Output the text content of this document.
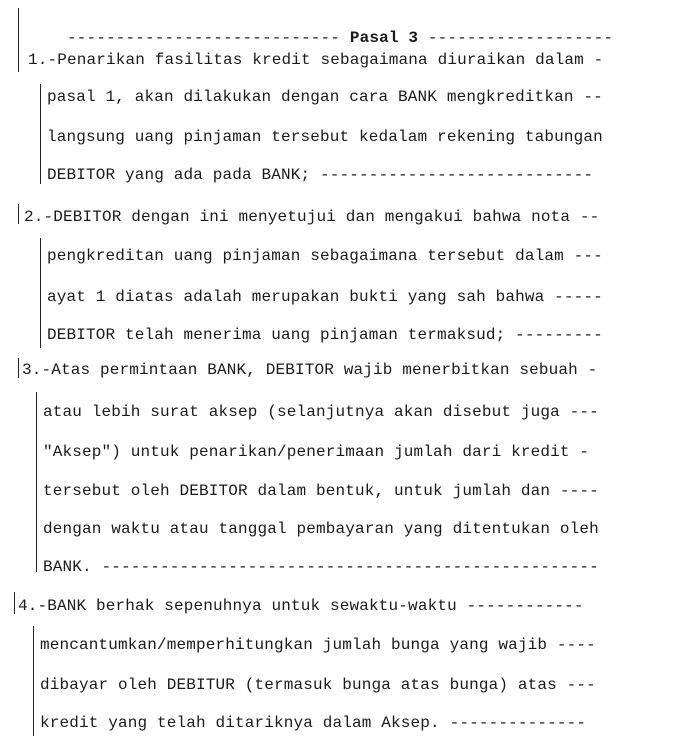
---------------------------- Pasal 3 -------------------

1.-Penarikan fasilitas kredit sebagaimana diuraikan dalam -
pasal 1, akan dilakukan dengan cara BANK mengkreditkan --
langsung uang pinjaman tersebut kedalam rekening tabungan
DEBITOR yang ada pada BANK; ----------------------------
2.-DEBITOR dengan ini menyetujui dan mengakui bahwa nota --
pengkreditan uang pinjaman sebagaimana tersebut dalam ---
ayat 1 diatas adalah merupakan bukti yang sah bahwa -----
DEBITOR telah menerima uang pinjaman termaksud; ---------
3.-Atas permintaan BANK, DEBITOR wajib menerbitkan sebuah -
atau lebih surat aksep (selanjutnya akan disebut juga ---
"Aksep") untuk penarikan/penerimaan jumlah dari kredit -
tersebut oleh DEBITOR dalam bentuk, untuk jumlah dan ----
dengan waktu atau tanggal pembayaran yang ditentukan oleh
BANK. ---------------------------------------------------
4.-BANK berhak sepenuhnya untuk sewaktu-waktu ------------
mencantumkan/memperhitungkan jumlah bunga yang wajib ----
dibayar oleh DEBITUR (termasuk bunga atas bunga) atas ---
kredit yang telah ditariknya dalam Aksep. --------------
